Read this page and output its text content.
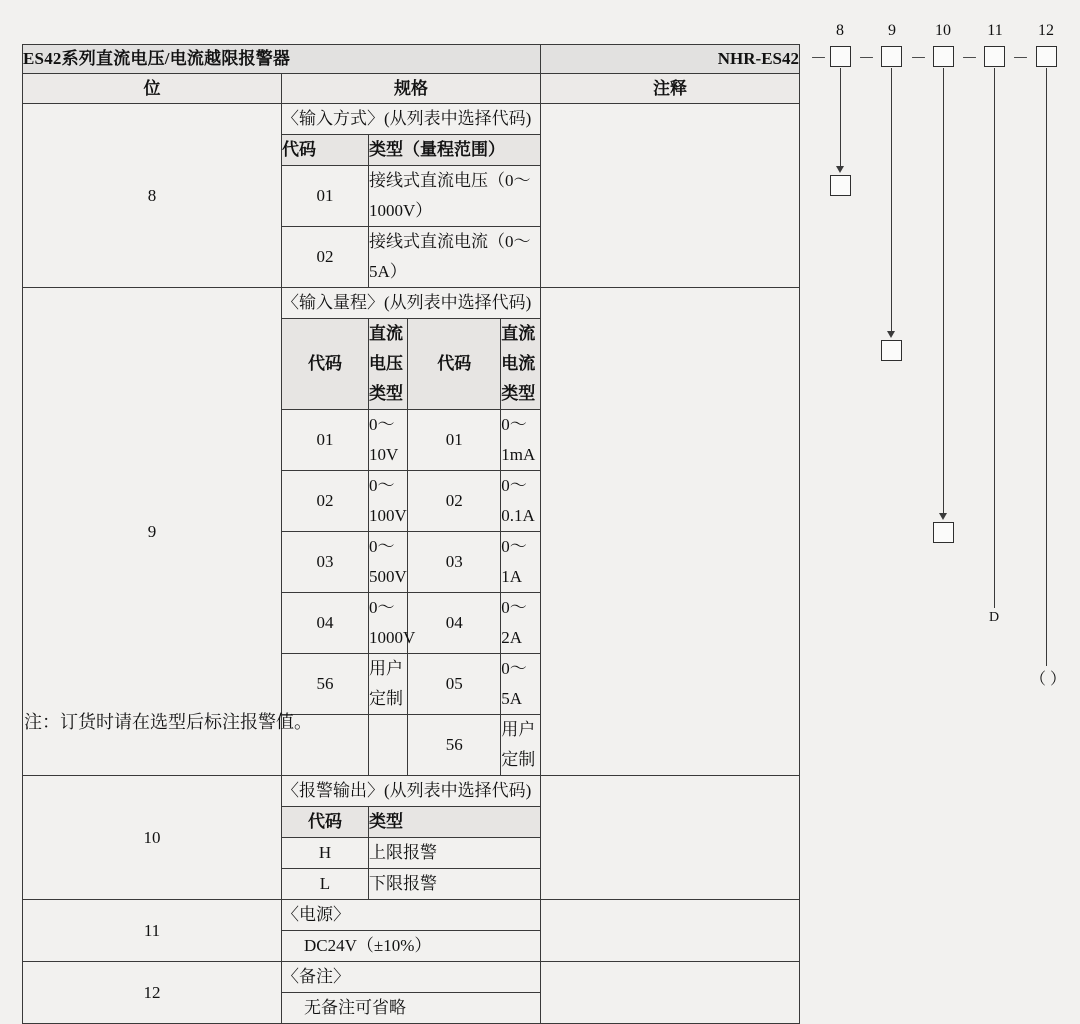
ES42系列直流电压/电流越限报警器	NHR-ES42
位	规格	注释
8	〈输入方式〉(从列表中选择代码)	

代码	类型（量程范围）

01	接线式直流电压（0～1000V）
02	接线式直流电流（0～5A）

9	〈输入量程〉(从列表中选择代码)	

代码	直流电压类型	代码	直流电流类型

01	0～10V	01	0～1mA
02	0～100V	02	0～0.1A
03	0～500V	03	0～1A
04	0～1000V	04	0～2A
56	用户定制	05	0～5A
		56	用户定制

10	〈报警输出〉(从列表中选择代码)	

代码	类型

H	上限报警
L	下限报警

11	〈电源〉	
DC24V（±10%）
12	〈备注〉	
无备注可省略
注：订货时请在选型后标注报警值。
8	9	10	11	12
－ － － － －
D
（ ）
